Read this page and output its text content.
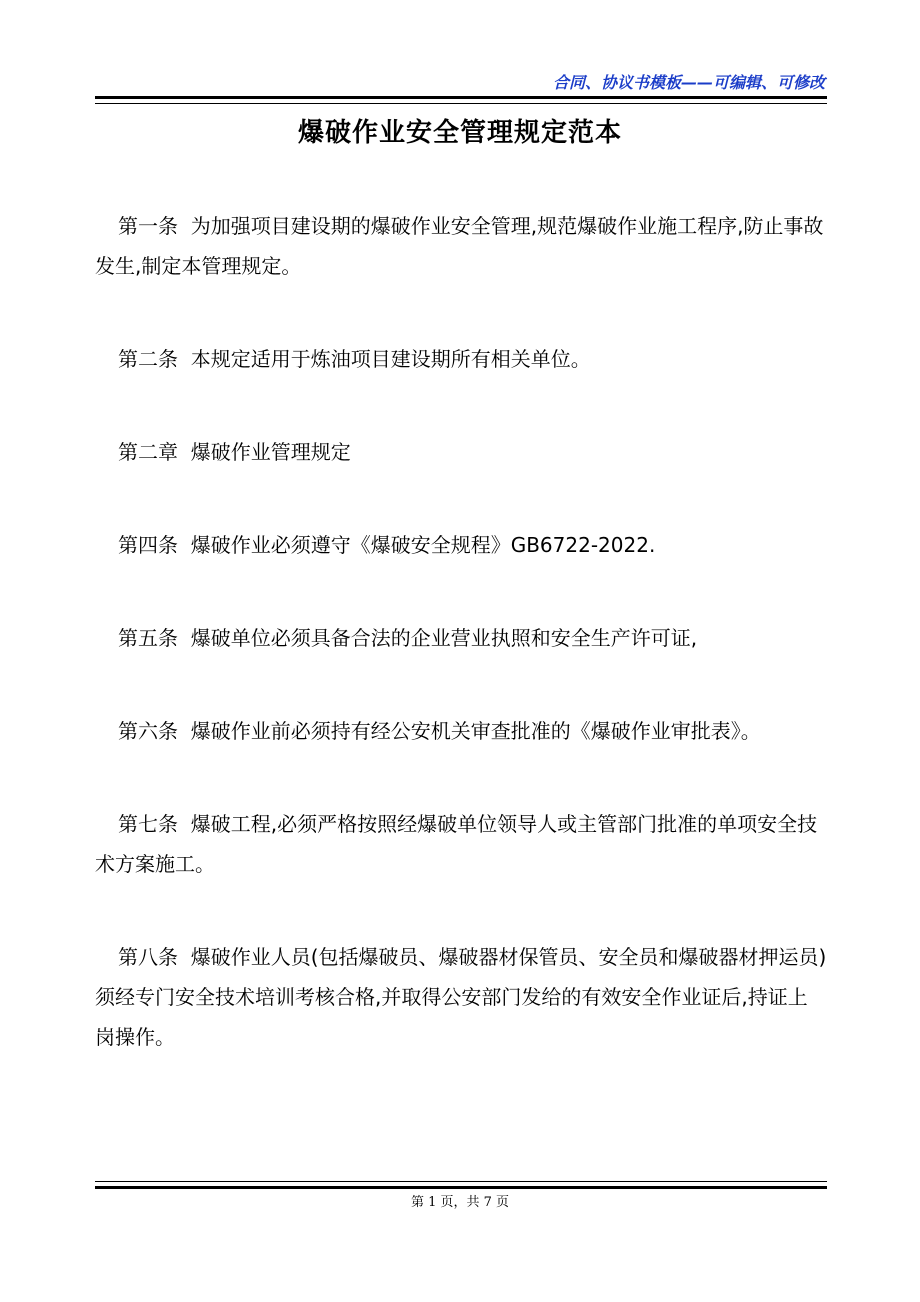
合同、协议书模板——可编辑、可修改
爆破作业安全管理规定范本

第一条  为加强项目建设期的爆破作业安全管理,规范爆破作业施工程序,防止事故发生,制定本管理规定。

第二条  本规定适用于炼油项目建设期所有相关单位。

第二章  爆破作业管理规定

第四条  爆破作业必须遵守《爆破安全规程》GB6722-2022.

第五条  爆破单位必须具备合法的企业营业执照和安全生产许可证,

第六条  爆破作业前必须持有经公安机关审查批准的《爆破作业审批表》。

第七条  爆破工程,必须严格按照经爆破单位领导人或主管部门批准的单项安全技术方案施工。

第八条  爆破作业人员(包括爆破员、爆破器材保管员、安全员和爆破器材押运员)须经专门安全技术培训考核合格,并取得公安部门发给的有效安全作业证后,持证上岗操作。

第 1 页，共 7 页
